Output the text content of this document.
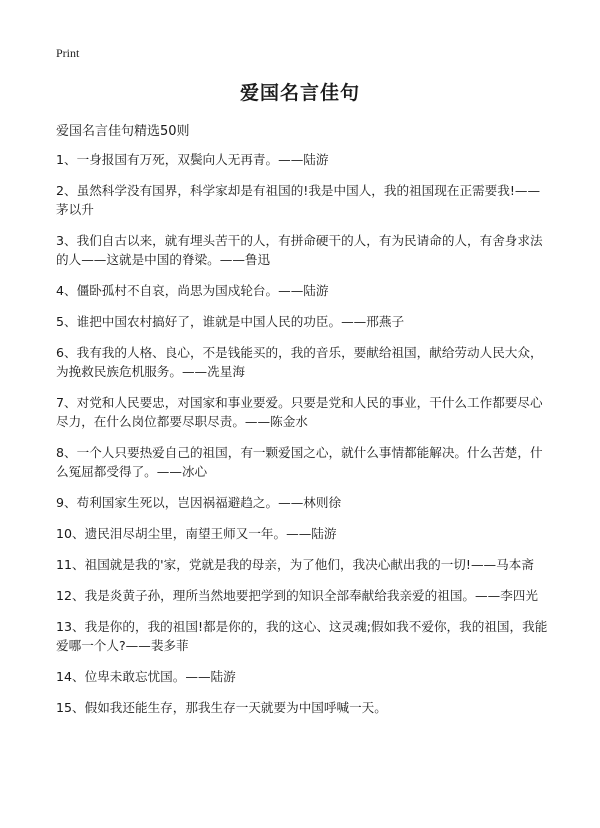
Print
爱国名言佳句
爱国名言佳句精选50则
1、一身报国有万死，双鬓向人无再青。——陆游
2、虽然科学没有国界，科学家却是有祖国的!我是中国人，我的祖国现在正需要我!——茅以升
3、我们自古以来，就有埋头苦干的人，有拼命硬干的人，有为民请命的人，有舍身求法的人——这就是中国的脊梁。——鲁迅
4、僵卧孤村不自哀，尚思为国戍轮台。——陆游
5、谁把中国农村搞好了，谁就是中国人民的功臣。——邢燕子
6、我有我的人格、良心，不是钱能买的，我的音乐，要献给祖国，献给劳动人民大众，为挽救民族危机服务。——冼星海
7、对党和人民要忠，对国家和事业要爱。只要是党和人民的事业，干什么工作都要尽心尽力，在什么岗位都要尽职尽责。——陈金水
8、一个人只要热爱自己的祖国，有一颗爱国之心，就什么事情都能解决。什么苦楚，什么冤屈都受得了。——冰心
9、苟利国家生死以，岂因祸福避趋之。——林则徐
10、遗民泪尽胡尘里，南望王师又一年。——陆游
11、祖国就是我的'家，党就是我的母亲，为了他们，我决心献出我的一切!——马本斋
12、我是炎黄子孙，理所当然地要把学到的知识全部奉献给我亲爱的祖国。——李四光
13、我是你的，我的祖国!都是你的，我的这心、这灵魂;假如我不爱你，我的祖国，我能爱哪一个人?——裴多菲
14、位卑未敢忘忧国。——陆游
15、假如我还能生存，那我生存一天就要为中国呼喊一天。
